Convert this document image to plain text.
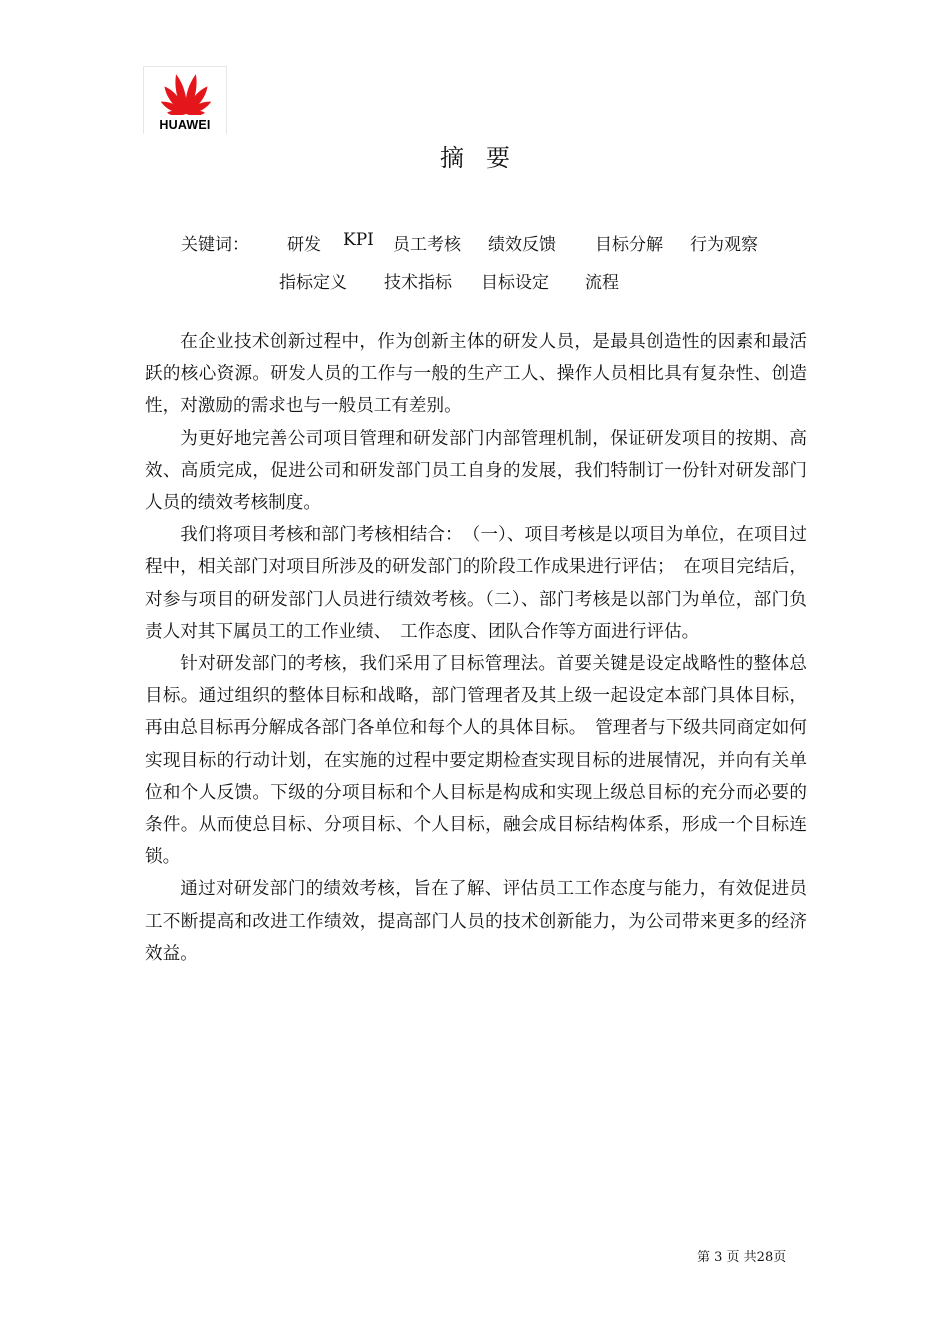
HUAWEI
摘要
关键词： 研发 KPI 员工考核 绩效反馈 目标分解 行为观察
指标定义 技术指标 目标设定 流程

在企业技术创新过程中，作为创新主体的研发人员，是最具创造性的因素和最活跃的核心资源。研发人员的工作与一般的生产工人、操作人员相比具有复杂性、创造性，对激励的需求也与一般员工有差别。

为更好地完善公司项目管理和研发部门内部管理机制，保证研发项目的按期、高效、高质完成，促进公司和研发部门员工自身的发展，我们特制订一份针对研发部门人员的绩效考核制度。

我们将项目考核和部门考核相结合：　（一）、项目考核是以项目为单位，在项目过程中，相关部门对项目所涉及的研发部门的阶段工作成果进行评估；　在项目完结后，对参与项目的研发部门人员进行绩效考核。（二）、部门考核是以部门为单位，部门负责人对其下属员工的工作业绩、　工作态度、团队合作等方面进行评估。

针对研发部门的考核，我们采用了目标管理法。首要关键是设定战略性的整体总目标。通过组织的整体目标和战略，部门管理者及其上级一起设定本部门具体目标，再由总目标再分解成各部门各单位和每个人的具体目标。　管理者与下级共同商定如何实现目标的行动计划，在实施的过程中要定期检查实现目标的进展情况，并向有关单位和个人反馈。下级的分项目标和个人目标是构成和实现上级总目标的充分而必要的条件。从而使总目标、分项目标、个人目标，融会成目标结构体系，形成一个目标连锁。

通过对研发部门的绩效考核，旨在了解、评估员工工作态度与能力，有效促进员工不断提高和改进工作绩效，提高部门人员的技术创新能力，为公司带来更多的经济效益。

第 3 页 共28页
